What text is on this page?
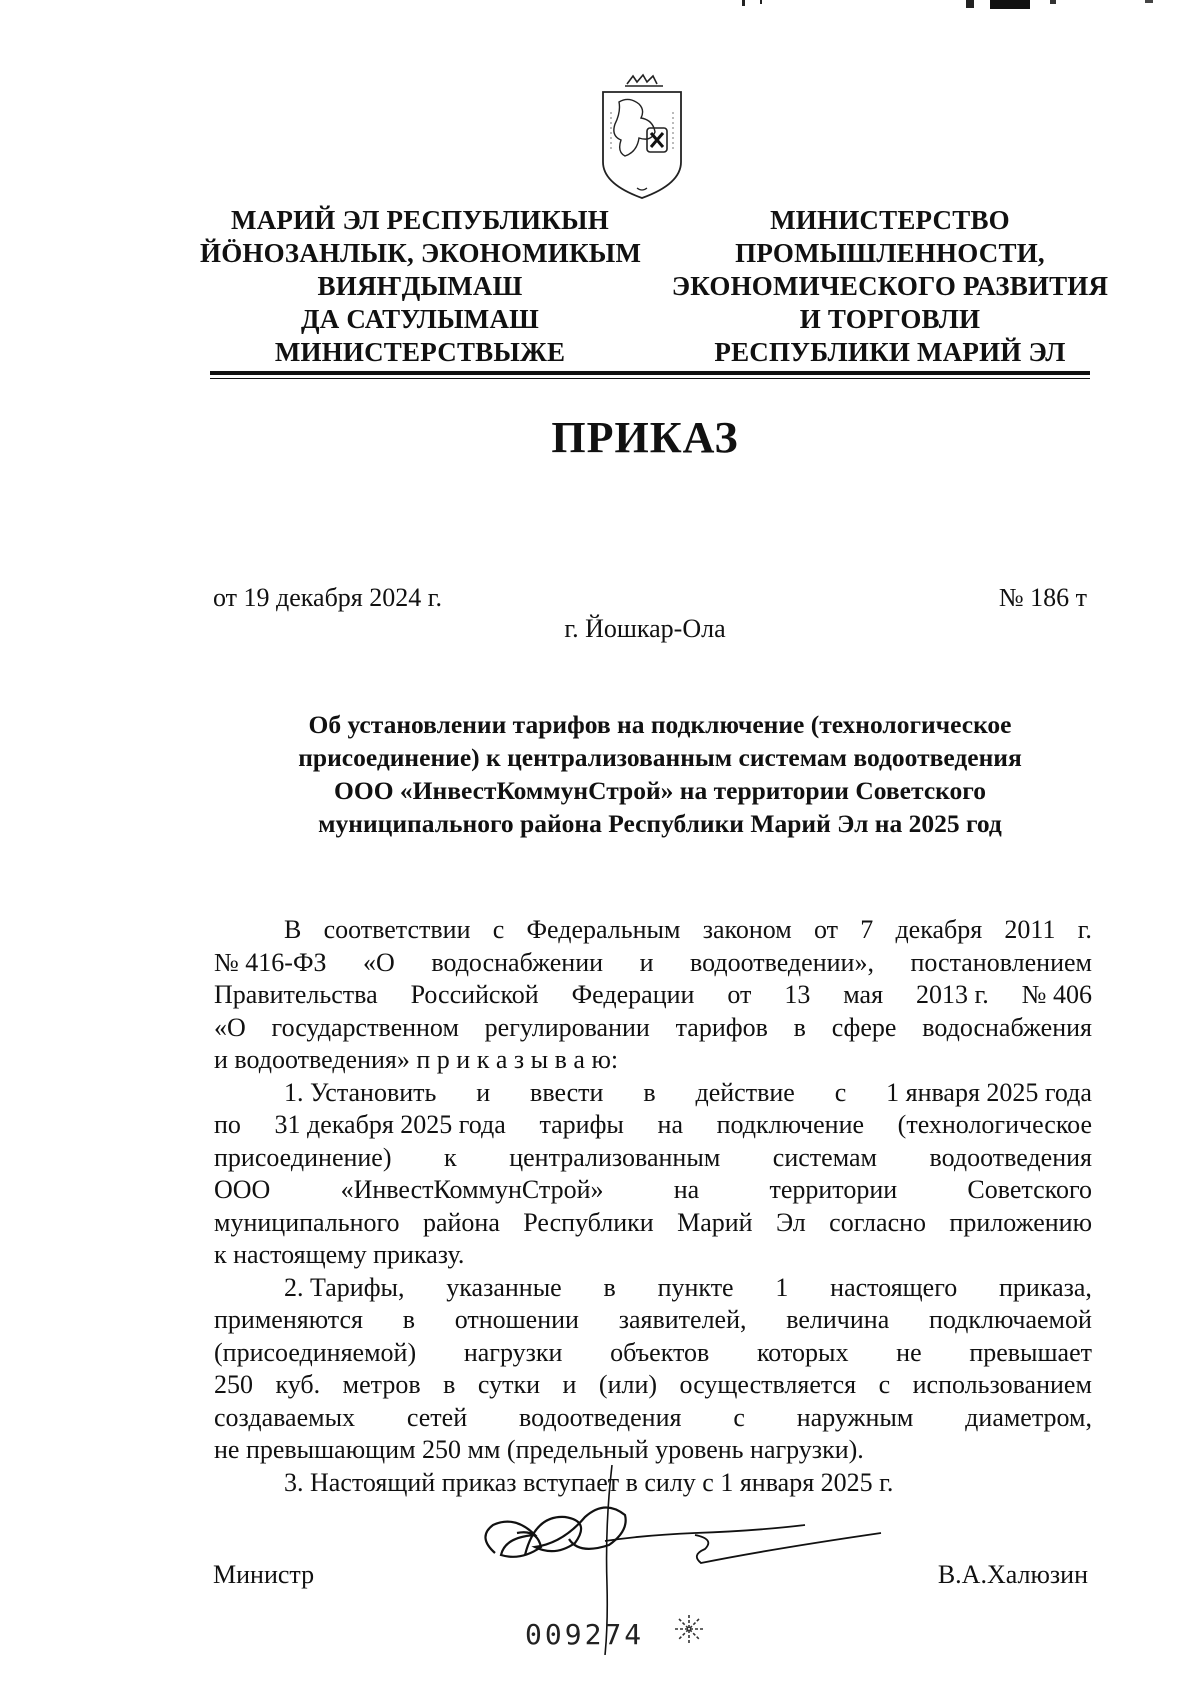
МАРИЙ ЭЛ РЕСПУБЛИКЫН
ЙӦНОЗАНЛЫК, ЭКОНОМИКЫМ
ВИЯҤДЫМАШ
ДА САТУЛЫМАШ
МИНИСТЕРСТВЫЖЕ
МИНИСТЕРСТВО
ПРОМЫШЛЕННОСТИ,
ЭКОНОМИЧЕСКОГО РАЗВИТИЯ
И ТОРГОВЛИ
РЕСПУБЛИКИ МАРИЙ ЭЛ
ПРИКАЗ
от 19 декабря 2024 г.	№ 186 т
г. Йошкар-Ола
Об установлении тарифов на подключение (технологическое
присоединение) к централизованным системам водоотведения
ООО «ИнвестКоммунСтрой» на территории Советского
муниципального района Республики Марий Эл на 2025 год
В соответствии с Федеральным законом от 7 декабря 2011 г.
№ 416-ФЗ «О водоснабжении и водоотведении», постановлением
Правительства Российской Федерации от 13 мая 2013 г. № 406
«О государственном регулировании тарифов в сфере водоснабжения
и водоотведения» п р и к а з ы в а ю:
1. Установить и ввести в действие с 1 января 2025 года
по 31 декабря 2025 года тарифы на подключение (технологическое
присоединение) к централизованным системам водоотведения
ООО	«ИнвестКоммунСтрой»	на	территории	Советского
муниципального района Республики Марий Эл согласно приложению
к настоящему приказу.
2. Тарифы, указанные в пункте 1 настоящего приказа,
применяются в отношении заявителей, величина подключаемой
(присоединяемой) нагрузки объектов которых не превышает
250 куб. метров в сутки и (или) осуществляется с использованием
создаваемых сетей водоотведения с наружным диаметром,
не превышающим 250 мм (предельный уровень нагрузки).
3. Настоящий приказ вступает в силу с 1 января 2025 г.
Министр	В.А.Халюзин
009274
